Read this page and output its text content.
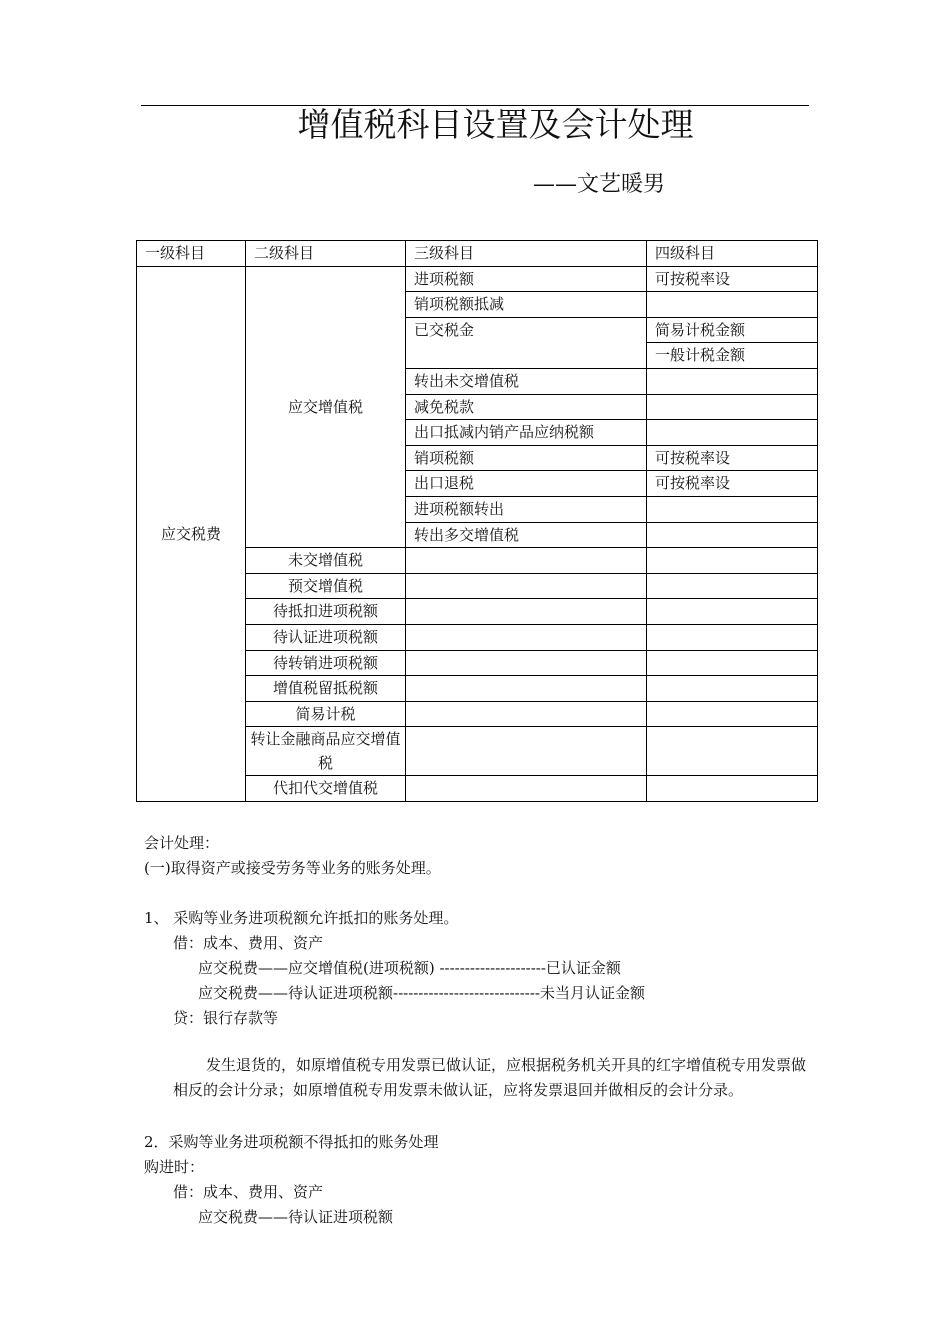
增值税科目设置及会计处理
——文艺暖男
一级科目	二级科目	三级科目	四级科目
应交税费	应交增值税	进项税额	可按税率设
		销项税额抵减	
		已交税金	简易计税金额
			一般计税金额
		转出未交增值税	
		减免税款	
		出口抵减内销产品应纳税额	
		销项税额	可按税率设
		出口退税	可按税率设
		进项税额转出	
		转出多交增值税	
	未交增值税		
	预交增值税		
	待抵扣进项税额		
	待认证进项税额		
	待转销进项税额		
	增值税留抵税额		
	简易计税		
	转让金融商品应交增值税		
	代扣代交增值税		
会计处理：
(一)取得资产或接受劳务等业务的账务处理。
1、 采购等业务进项税额允许抵扣的账务处理。
借：成本、费用、资产
应交税费——应交增值税(进项税额) ---------------------已认证金额
应交税费——待认证进项税额-----------------------------未当月认证金额
贷：银行存款等
发生退货的，如原增值税专用发票已做认证，应根据税务机关开具的红字增值税专用发票做相反的会计分录；如原增值税专用发票未做认证，应将发票退回并做相反的会计分录。
2．采购等业务进项税额不得抵扣的账务处理
购进时：
借：成本、费用、资产
应交税费——待认证进项税额
